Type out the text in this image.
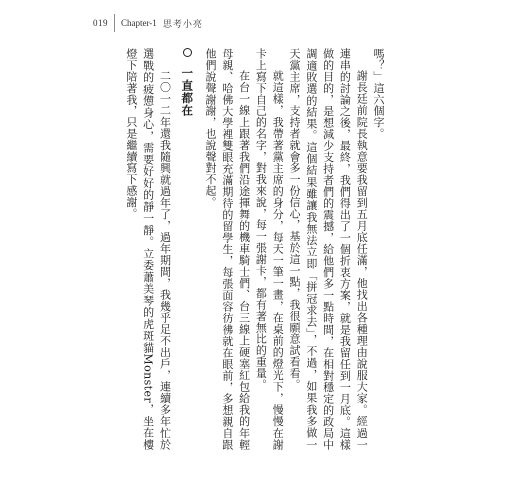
019 Chapter-1 思考小亮

嗎？」這六個字。

謝長廷前院長執意要我留到五月底任滿，他找出各種理由說服大家。經過一連串的討論之後，最終，我們得出了一個折衷方案，就是我留任到一月底。這樣做的目的，是想減少支持者們的震撼，給他們多一點時間，在相對穩定的政局中調適敗選的結果。這個結果雖讓我無法立即「拼冠求去」，不過，如果我多做一天黨主席，支持者就會多一份信心，基於這一點，我很願意試看看。

就這樣，我帶著黨主席的身分，每天一筆一畫，在桌前的燈光下，慢慢在謝卡上寫下自己的名字，對我來說，每一張謝卡，都有著無比的重量。

在台一線上跟著我們沿途揮舞的機車騎士們、台三線上硬塞紅包給我的年輕母親、哈佛大學裡雙眼充滿期待的留學生，每張面容彷彿就在眼前，多想親自跟他們說聲謝謝，也說聲對不起。

一直都在

二〇一二年還我隨興就過年了，過年期間，我幾乎足不出戶，連續多年忙於選戰的疲憊身心，需要好好的靜一靜。立委蕭美琴的虎斑貓Monster，坐在樓燈下陪著我，只是繼續寫下感謝。
